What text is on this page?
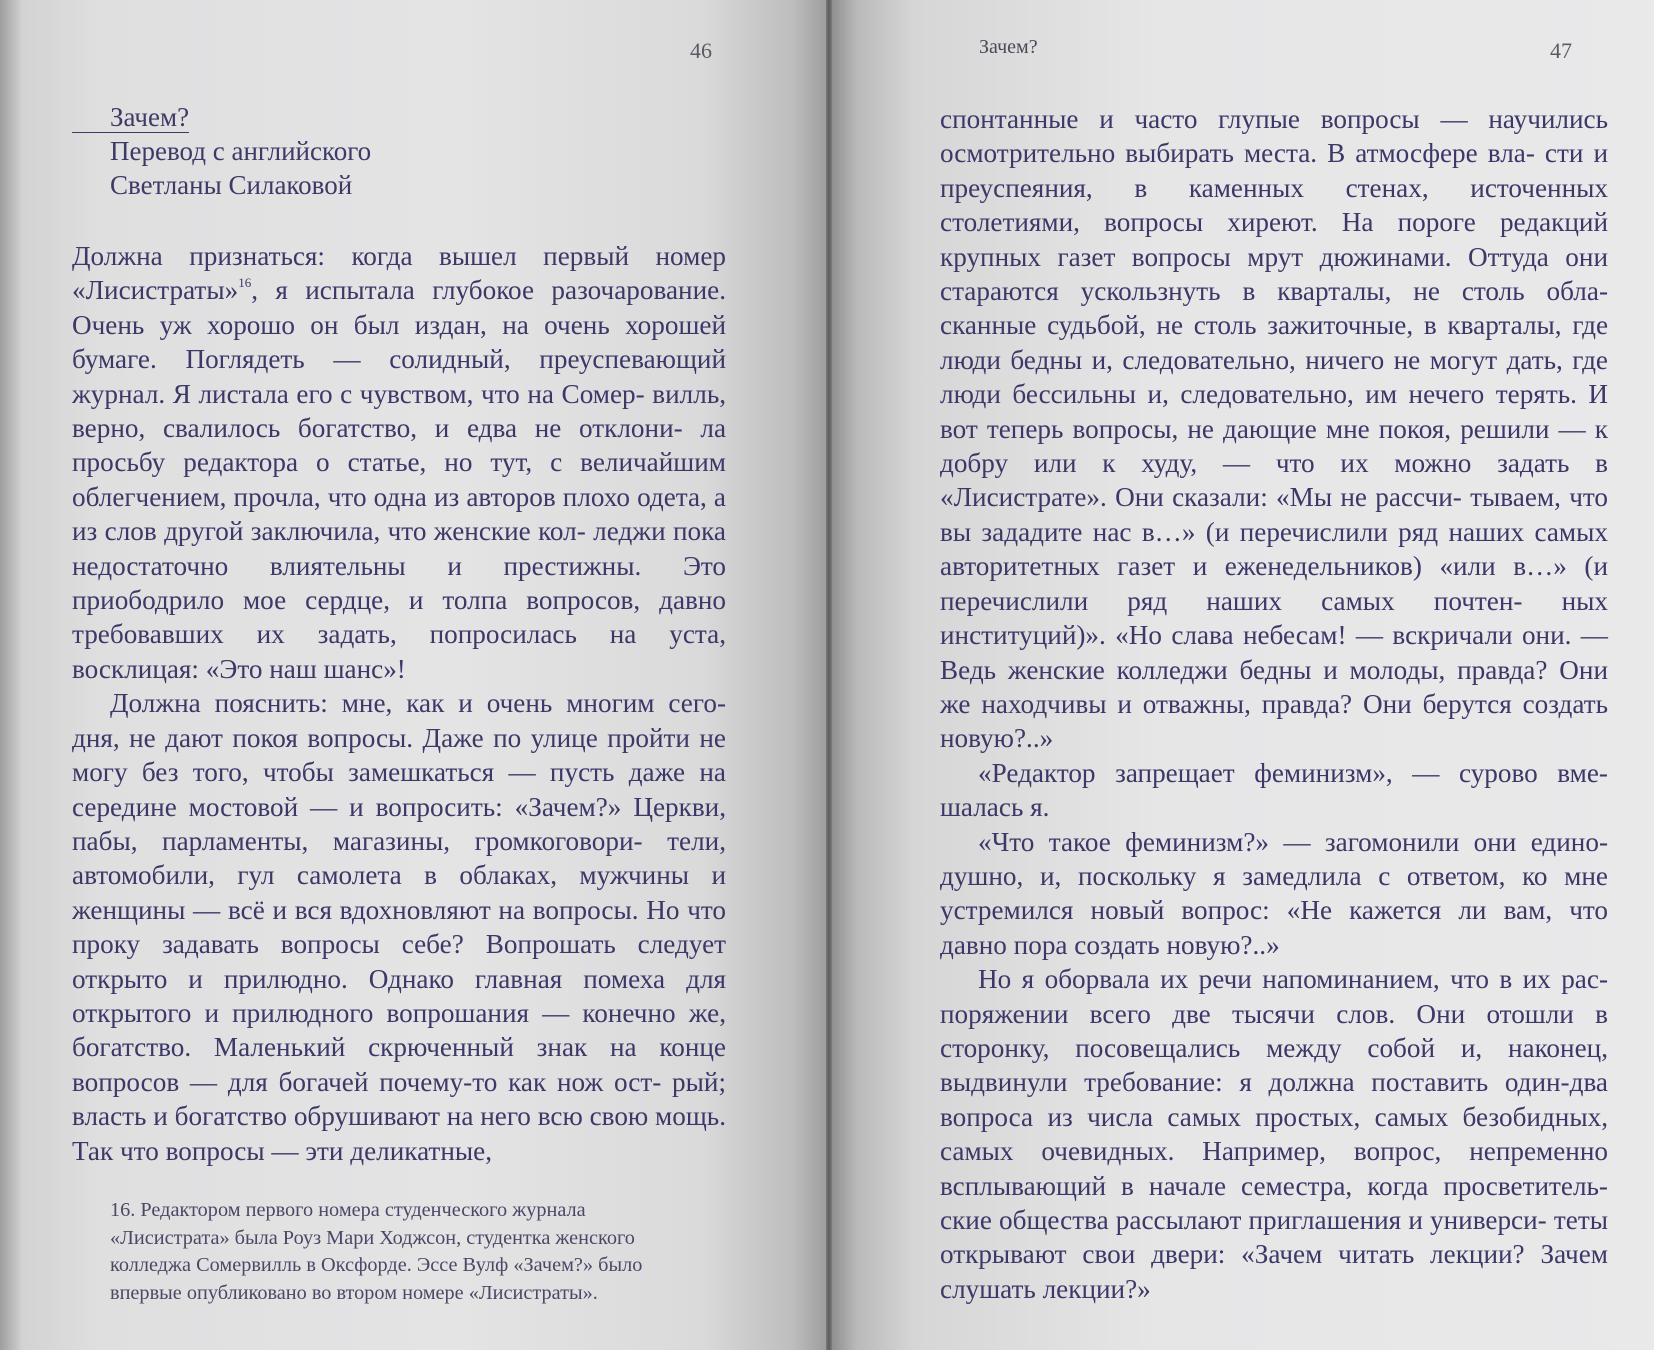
46

Зачем?
Перевод с английского
Светланы Силаковой

Должна признаться: когда вышел первый номер «Лисистраты»$^{16}$, я испытала глубокое разочарование. Очень уж хорошо он был издан, на очень хорошей бумаге. Поглядеть — солидный, преуспевающий журнал. Я листала его с чувством, что на Сомер- вилль, верно, свалилось богатство, и едва не отклони- ла просьбу редактора о статье, но тут, с величайшим облегчением, прочла, что одна из авторов плохо одета, а из слов другой заключила, что женские кол- леджи пока недостаточно влиятельны и престижны. Это приободрило мое сердце, и толпа вопросов, давно требовавших их задать, попросилась на уста, восклицая: «Это наш шанс»!

Должна пояснить: мне, как и очень многим сего- дня, не дают покоя вопросы. Даже по улице пройти не могу без того, чтобы замешкаться — пусть даже на середине мостовой — и вопросить: «Зачем?» Церкви, пабы, парламенты, магазины, громкоговори- тели, автомобили, гул самолета в облаках, мужчины и женщины — всё и вся вдохновляют на вопросы. Но что проку задавать вопросы себе? Вопрошать следует открыто и прилюдно. Однако главная помеха для открытого и прилюдного вопрошания — конечно же, богатство. Маленький скрюченный знак на конце вопросов — для богачей почему-то как нож ост- рый; власть и богатство обрушивают на него всю свою мощь. Так что вопросы — эти деликатные,

16. Редактором первого номера студенческого журнала
«Лисистрата» была Роуз Мари Ходжсон, студентка женского
колледжа Сомервилль в Оксфорде. Эссе Вулф «Зачем?» было
впервые опубликовано во втором номере «Лисистраты».

Зачем?	47

спонтанные и часто глупые вопросы — научились осмотрительно выбирать места. В атмосфере вла- сти и преуспеяния, в каменных стенах, источенных столетиями, вопросы хиреют. На пороге редакций крупных газет вопросы мрут дюжинами. Оттуда они стараются ускользнуть в кварталы, не столь обла- сканные судьбой, не столь зажиточные, в кварталы, где люди бедны и, следовательно, ничего не могут дать, где люди бессильны и, следовательно, им нечего терять. И вот теперь вопросы, не дающие мне покоя, решили — к добру или к худу, — что их можно задать в «Лисистрате». Они сказали: «Мы не рассчи- тываем, что вы зададите нас в…» (и перечислили ряд наших самых авторитетных газет и еженедельников) «или в…» (и перечислили ряд наших самых почтен- ных институций)». «Но слава небесам! — вскричали они. — Ведь женские колледжи бедны и молоды, правда? Они же находчивы и отважны, правда? Они берутся создать новую?..»

«Редактор запрещает феминизм», — сурово вме- шалась я.

«Что такое феминизм?» — загомонили они едино- душно, и, поскольку я замедлила с ответом, ко мне устремился новый вопрос: «Не кажется ли вам, что давно пора создать новую?..»

Но я оборвала их речи напоминанием, что в их рас- поряжении всего две тысячи слов. Они отошли в сторонку, посовещались между собой и, наконец, выдвинули требование: я должна поставить один-два вопроса из числа самых простых, самых безобидных, самых очевидных. Например, вопрос, непременно всплывающий в начале семестра, когда просветитель- ские общества рассылают приглашения и универси- теты открывают свои двери: «Зачем читать лекции? Зачем слушать лекции?»
